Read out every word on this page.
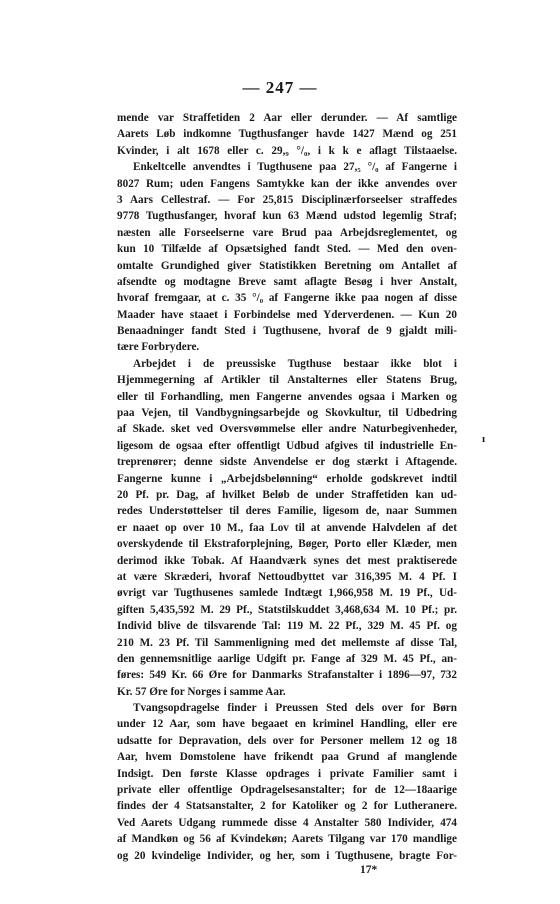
— 247 —
mende var Straffetiden 2 Aar eller derunder. — Af samtlige
Aarets Løb indkomne Tugthusfanger havde 1427 Mænd og 251
Kvinder, i alt 1678 eller c. 29,₉ °/₀, i k k e aflagt Tilstaaelse.
Enkeltcelle anvendtes i Tugthusene paa 27,₅ °/₀ af Fangerne i
8027 Rum; uden Fangens Samtykke kan der ikke anvendes over
3 Aars Cellestraf. — For 25,815 Disciplinærforseelser straffedes
9778 Tugthusfanger, hvoraf kun 63 Mænd udstod legemlig Straf;
næsten alle Forseelserne vare Brud paa Arbejdsreglementet, og
kun 10 Tilfælde af Opsætsighed fandt Sted. — Med den oven-
omtalte Grundighed giver Statistikken Beretning om Antallet af
afsendte og modtagne Breve samt aflagte Besøg i hver Anstalt,
hvoraf fremgaar, at c. 35 °/₀ af Fangerne ikke paa nogen af disse
Maader have staaet i Forbindelse med Yderverdenen. — Kun 20
Benaadninger fandt Sted i Tugthusene, hvoraf de 9 gjaldt mili-
tære Forbrydere.
Arbejdet i de preussiske Tugthuse bestaar ikke blot i
Hjemmegerning af Artikler til Anstalternes eller Statens Brug,
eller til Forhandling, men Fangerne anvendes ogsaa i Marken og
paa Vejen, til Vandbygningsarbejde og Skovkultur, til Udbedring
af Skade. sket ved Oversvømmelse eller andre Naturbegivenheder,
ligesom de ogsaa efter offentligt Udbud afgives til industrielle En-
treprenører; denne sidste Anvendelse er dog stærkt i Aftagende.
Fangerne kunne i „Arbejdsbelønning“ erholde godskrevet indtil
20 Pf. pr. Dag, af hvilket Beløb de under Straffetiden kan ud-
redes Understøttelser til deres Familie, ligesom de, naar Summen
er naaet op over 10 M., faa Lov til at anvende Halvdelen af det
overskydende til Ekstraforplejning, Bøger, Porto eller Klæder, men
derimod ikke Tobak. Af Haandværk synes det mest praktiserede
at være Skræderi, hvoraf Nettoudbyttet var 316,395 M. 4 Pf. I
øvrigt var Tugthusenes samlede Indtægt 1,966,958 M. 19 Pf., Ud-
giften 5,435,592 M. 29 Pf., Statstilskuddet 3,468,634 M. 10 Pf.; pr.
Individ blive de tilsvarende Tal: 119 M. 22 Pf., 329 M. 45 Pf. og
210 M. 23 Pf. Til Sammenligning med det mellemste af disse Tal,
den gennemsnitlige aarlige Udgift pr. Fange af 329 M. 45 Pf., an-
føres: 549 Kr. 66 Øre for Danmarks Strafanstalter i 1896—97, 732
Kr. 57 Øre for Norges i samme Aar.
Tvangsopdragelse finder i Preussen Sted dels over for Børn
under 12 Aar, som have begaaet en kriminel Handling, eller ere
udsatte for Depravation, dels over for Personer mellem 12 og 18
Aar, hvem Domstolene have frikendt paa Grund af manglende
Indsigt. Den første Klasse opdrages i private Familier samt i
private eller offentlige Opdragelsesanstalter; for de 12—18aarige
findes der 4 Statsanstalter, 2 for Katoliker og 2 for Lutheranere.
Ved Aarets Udgang rummede disse 4 Anstalter 580 Individer, 474
af Mandkøn og 56 af Kvindekøn; Aarets Tilgang var 170 mandlige
og 20 kvindelige Individer, og her, som i Tugthusene, bragte For-
ı
17*
